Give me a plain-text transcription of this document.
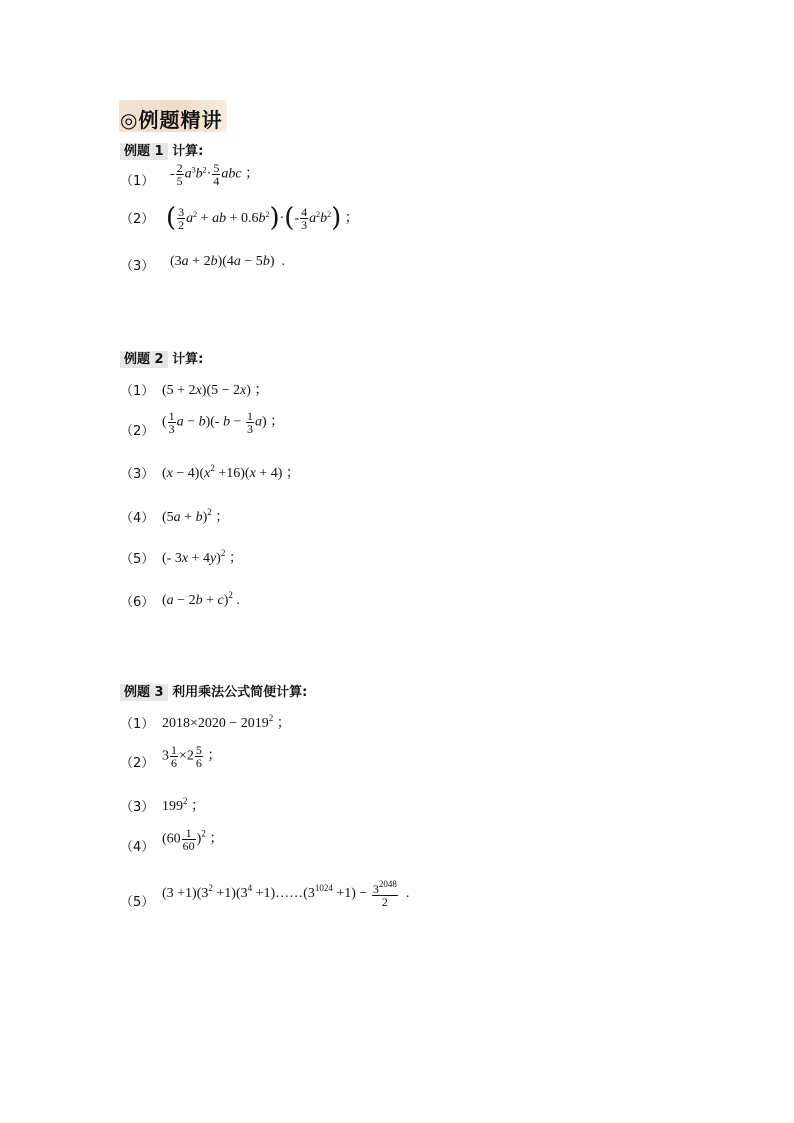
◎例题精讲
例题 1 计算:
$(1) - \frac{2}{5} a^3b^2\cdot \frac{5}{4}$ abc ；
（2） ( $\frac{3}{2} a^2$ + ab + $0.6b^2)\cdot(- \frac{4}{3} a^2b^2)$ ；
（3） (3a + 2b)(4a − 5b)  .
例题 2 计算:
（1） (5 + 2x)(5 − 2x) ；
（2）
( $\frac{1}{3}$ a − b)(- $b - \frac{1}{3} a$) ；
（3） $(x - 4)(x^2 +16)(x + 4)$ ；
（4） $(5a + b)^2$ ；
（5） (- 3x + 4y)$^2$ ；
（6） $(a - 2b + c)^2$ .
例题 3 利用乘法公式简便计算:
（1） $2018\times 2020 - 2019^2$ ；
（2） $3 \frac{1}{6} \times 2 \frac{5}{6}$ ；
（3） $199^2$ ；
（4）
$(60 \frac{1}{60} )^2$ ；
（5）
$(3 +1)(3^2 +1)(3^4$ $+1)\dots\dots(3^{1024} +1) - \frac{3^{2048}}{2}$ .
